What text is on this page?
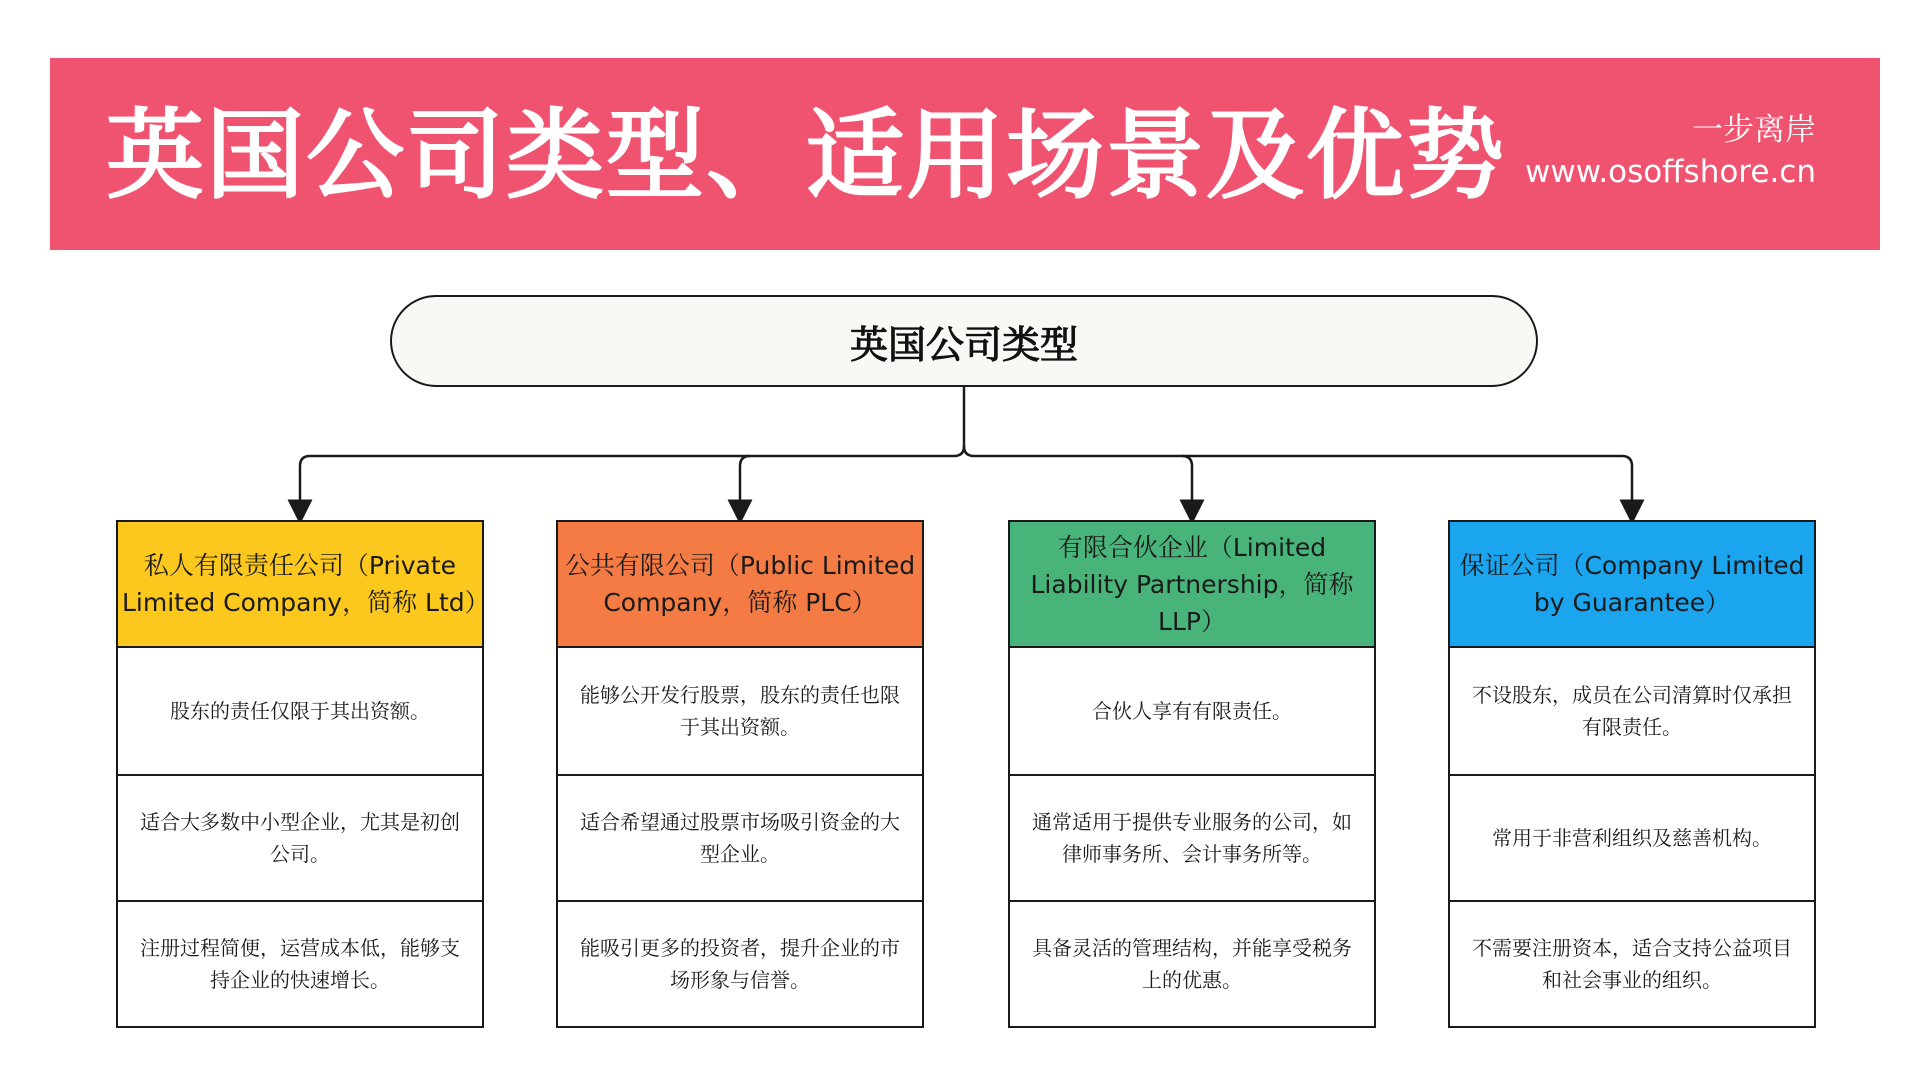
英国公司类型、适用场景及优势	一步离岸
www.osoffshore.cn
英国公司类型
私人有限责任公司（Private Limited Company，简称 Ltd）
股东的责任仅限于其出资额。
适合大多数中小型企业，尤其是初创公司。
注册过程简便，运营成本低，能够支持企业的快速增长。
公共有限公司（Public Limited Company，简称 PLC）
能够公开发行股票，股东的责任也限于其出资额。
适合希望通过股票市场吸引资金的大型企业。
能吸引更多的投资者，提升企业的市场形象与信誉。
有限合伙企业（Limited Liability Partnership，简称 LLP）
合伙人享有有限责任。
通常适用于提供专业服务的公司，如律师事务所、会计事务所等。
具备灵活的管理结构，并能享受税务上的优惠。
保证公司（Company Limited by Guarantee）
不设股东，成员在公司清算时仅承担有限责任。
常用于非营利组织及慈善机构。
不需要注册资本，适合支持公益项目和社会事业的组织。
